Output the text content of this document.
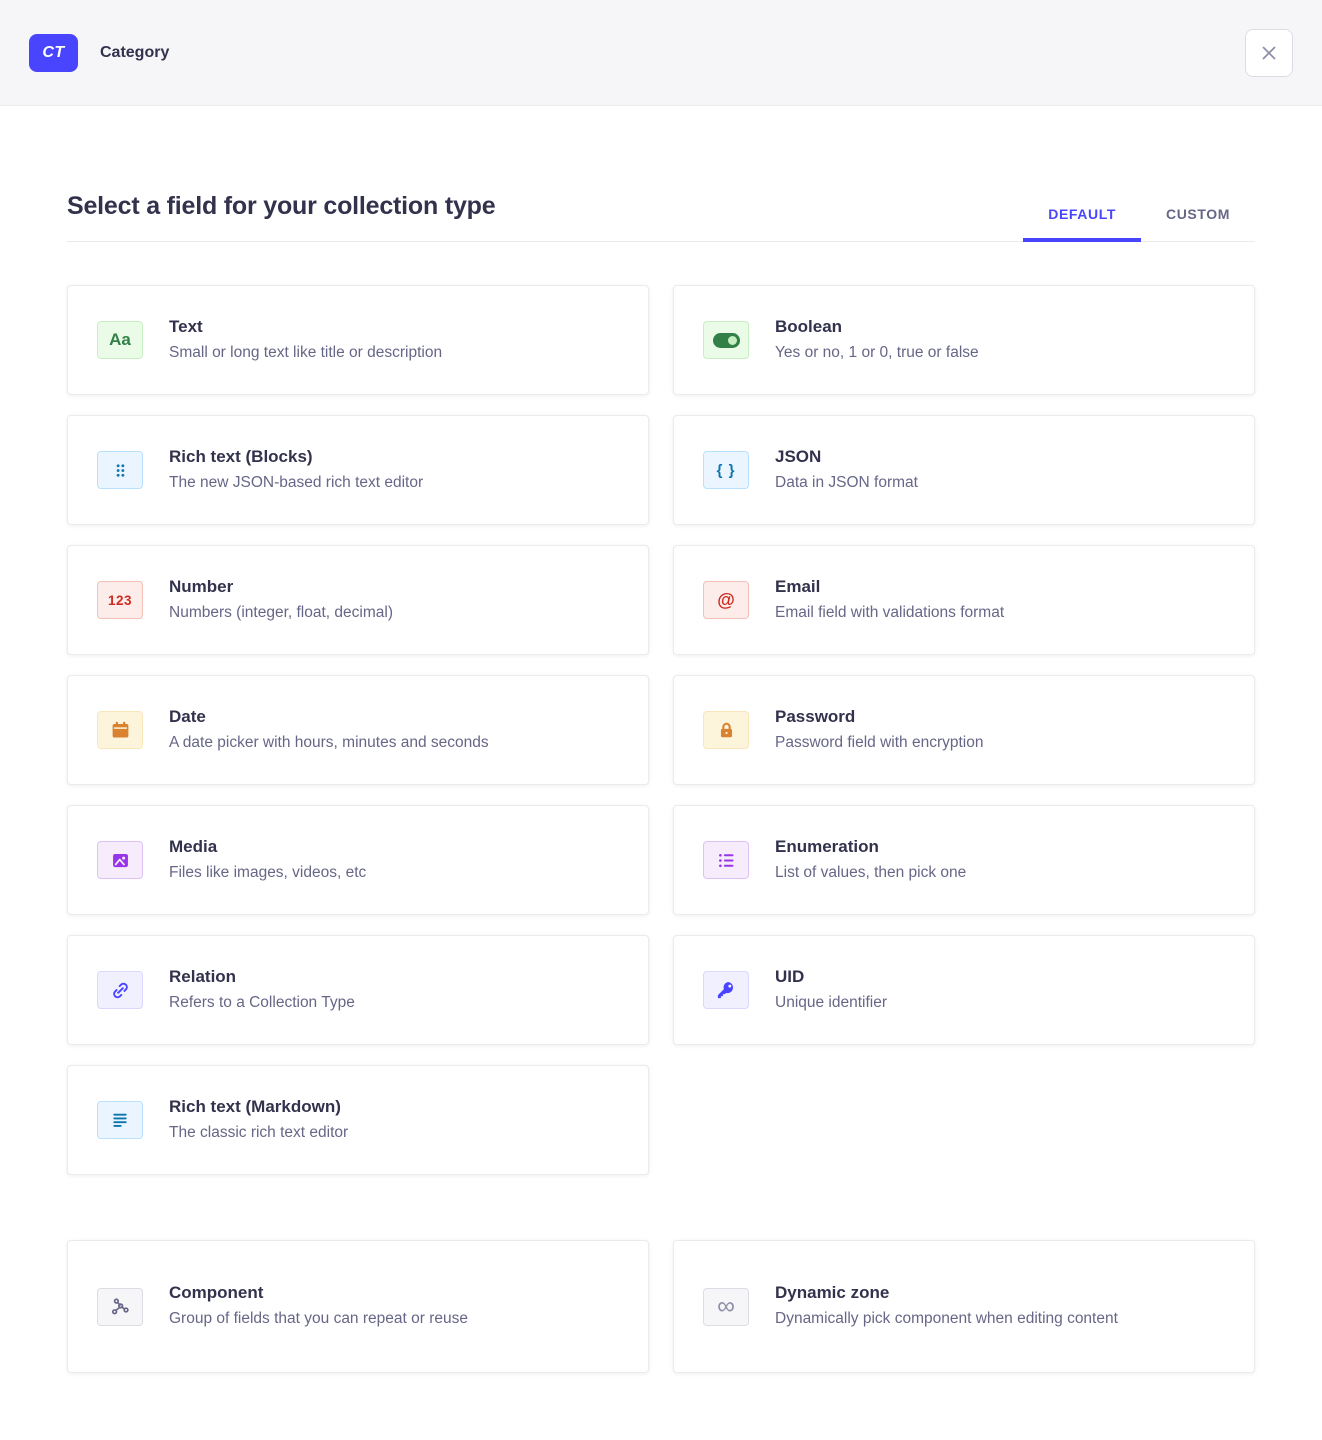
CT	Category
Select a field for your collection type	DEFAULT	CUSTOM
Aa
Text
Small or long text like title or description
Boolean
Yes or no, 1 or 0, true or false
Rich text (Blocks)
The new JSON-based rich text editor
{ }
JSON
Data in JSON format
123
Number
Numbers (integer, float, decimal)
@
Email
Email field with validations format
Date
A date picker with hours, minutes and seconds
Password
Password field with encryption
Media
Files like images, videos, etc
Enumeration
List of values, then pick one
Relation
Refers to a Collection Type
UID
Unique identifier
Rich text (Markdown)
The classic rich text editor
Component
Group of fields that you can repeat or reuse	∞ Dynamic zone
Dynamically pick component when editing content
